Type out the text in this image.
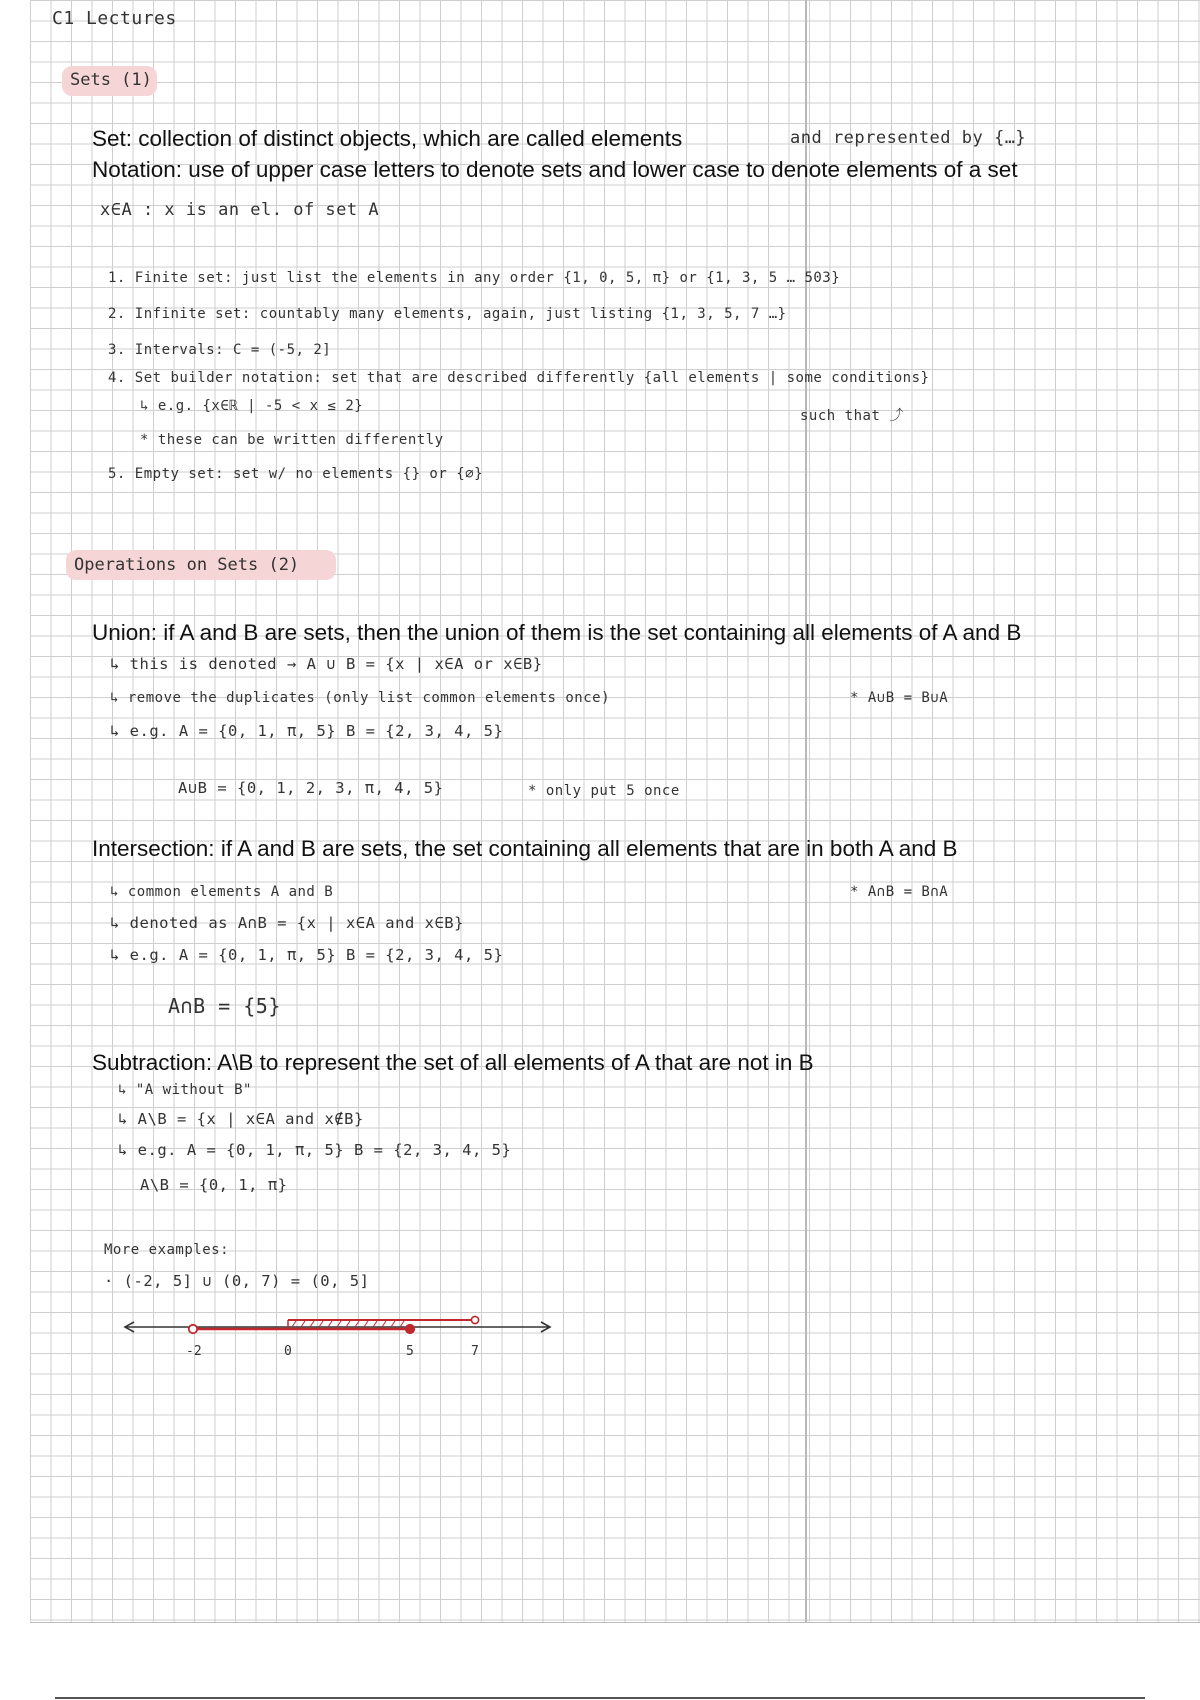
C1 Lectures
Sets (1)
Set: collection of distinct objects, which are called elements	and represented by {…}
Notation: use of upper case letters to denote sets and lower case to denote elements of a set
x∈A : x is an el. of set A
1. Finite set: just list the elements in any order {1, 0, 5, π} or {1, 3, 5 … 503}
2. Infinite set: countably many elements, again, just listing {1, 3, 5, 7 …}
3. Intervals: C = (-5, 2]
4. Set builder notation: set that are described differently {all elements | some conditions}
↳ e.g. {x∈ℝ | -5 < x ≤ 2}
such that ⤴
* these can be written differently
5. Empty set: set w/ no elements {} or {∅}
Operations on Sets (2)
Union: if A and B are sets, then the union of them is the set containing all elements of A and B
↳ this is denoted → A ∪ B = {x | x∈A or x∈B}
↳ remove the duplicates (only list common elements once)	* A∪B = B∪A
↳ e.g. A = {0, 1, π, 5} B = {2, 3, 4, 5}
A∪B = {0, 1, 2, 3, π, 4, 5}	* only put 5 once
Intersection: if A and B are sets, the set containing all elements that are in both A and B
↳ common elements A and B	* A∩B = B∩A
↳ denoted as A∩B = {x | x∈A and x∈B}
↳ e.g. A = {0, 1, π, 5} B = {2, 3, 4, 5}
A∩B = {5}
Subtraction: A\B to represent the set of all elements of A that are not in B
↳ "A without B"
↳ A\B = {x | x∈A and x∉B}
↳ e.g. A = {0, 1, π, 5} B = {2, 3, 4, 5}
A\B = {0, 1, π}
More examples:
· (-2, 5] ∪ (0, 7) = (0, 5]
-2	0	5	7
